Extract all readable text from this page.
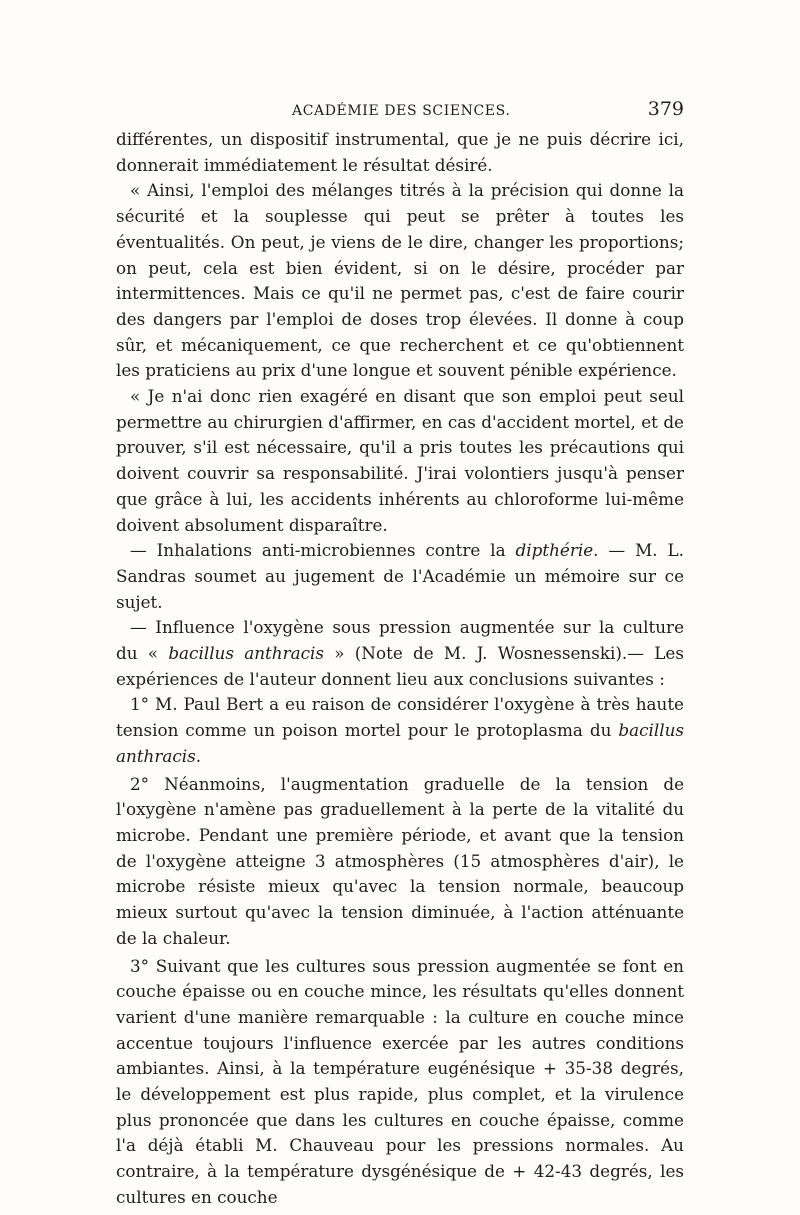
ACADÉMIE DES SCIENCES.	379

différentes, un dispositif instrumental, que je ne puis décrire ici, donnerait immédiatement le résultat désiré.

« Ainsi, l'emploi des mélanges titrés à la précision qui donne la sécurité et la souplesse qui peut se prêter à toutes les éventualités. On peut, je viens de le dire, changer les proportions; on peut, cela est bien évident, si on le désire, procéder par intermittences. Mais ce qu'il ne permet pas, c'est de faire courir des dangers par l'emploi de doses trop élevées. Il donne à coup sûr, et mécaniquement, ce que recherchent et ce qu'obtiennent les praticiens au prix d'une longue et souvent pénible expérience.

« Je n'ai donc rien exagéré en disant que son emploi peut seul permettre au chirurgien d'affirmer, en cas d'accident mortel, et de prouver, s'il est nécessaire, qu'il a pris toutes les précautions qui doivent couvrir sa responsabilité. J'irai volontiers jusqu'à penser que grâce à lui, les accidents inhérents au chloroforme lui-même doivent absolument disparaître.

— Inhalations anti-microbiennes contre la dipthérie. — M. L. Sandras soumet au jugement de l'Académie un mémoire sur ce sujet.

— Influence l'oxygène sous pression augmentée sur la culture du « bacillus anthracis » (Note de M. J. Wosnessenski).— Les expériences de l'auteur donnent lieu aux conclusions suivantes :

1° M. Paul Bert a eu raison de considérer l'oxygène à très haute tension comme un poison mortel pour le protoplasma du bacillus anthracis.

2° Néanmoins, l'augmentation graduelle de la tension de l'oxygène n'amène pas graduellement à la perte de la vitalité du microbe. Pendant une première période, et avant que la tension de l'oxygène atteigne 3 atmosphères (15 atmosphères d'air), le microbe résiste mieux qu'avec la tension normale, beaucoup mieux surtout qu'avec la tension diminuée, à l'action atténuante de la chaleur.

3° Suivant que les cultures sous pression augmentée se font en couche épaisse ou en couche mince, les résultats qu'elles donnent varient d'une manière remarquable : la culture en couche mince accentue toujours l'influence exercée par les autres conditions ambiantes. Ainsi, à la température eugénésique + 35-38 degrés, le développement est plus rapide, plus complet, et la virulence plus prononcée que dans les cultures en couche épaisse, comme l'a déjà établi M. Chauveau pour les pressions normales. Au contraire, à la température dysgénésique de + 42-43 degrés, les cultures en couche
